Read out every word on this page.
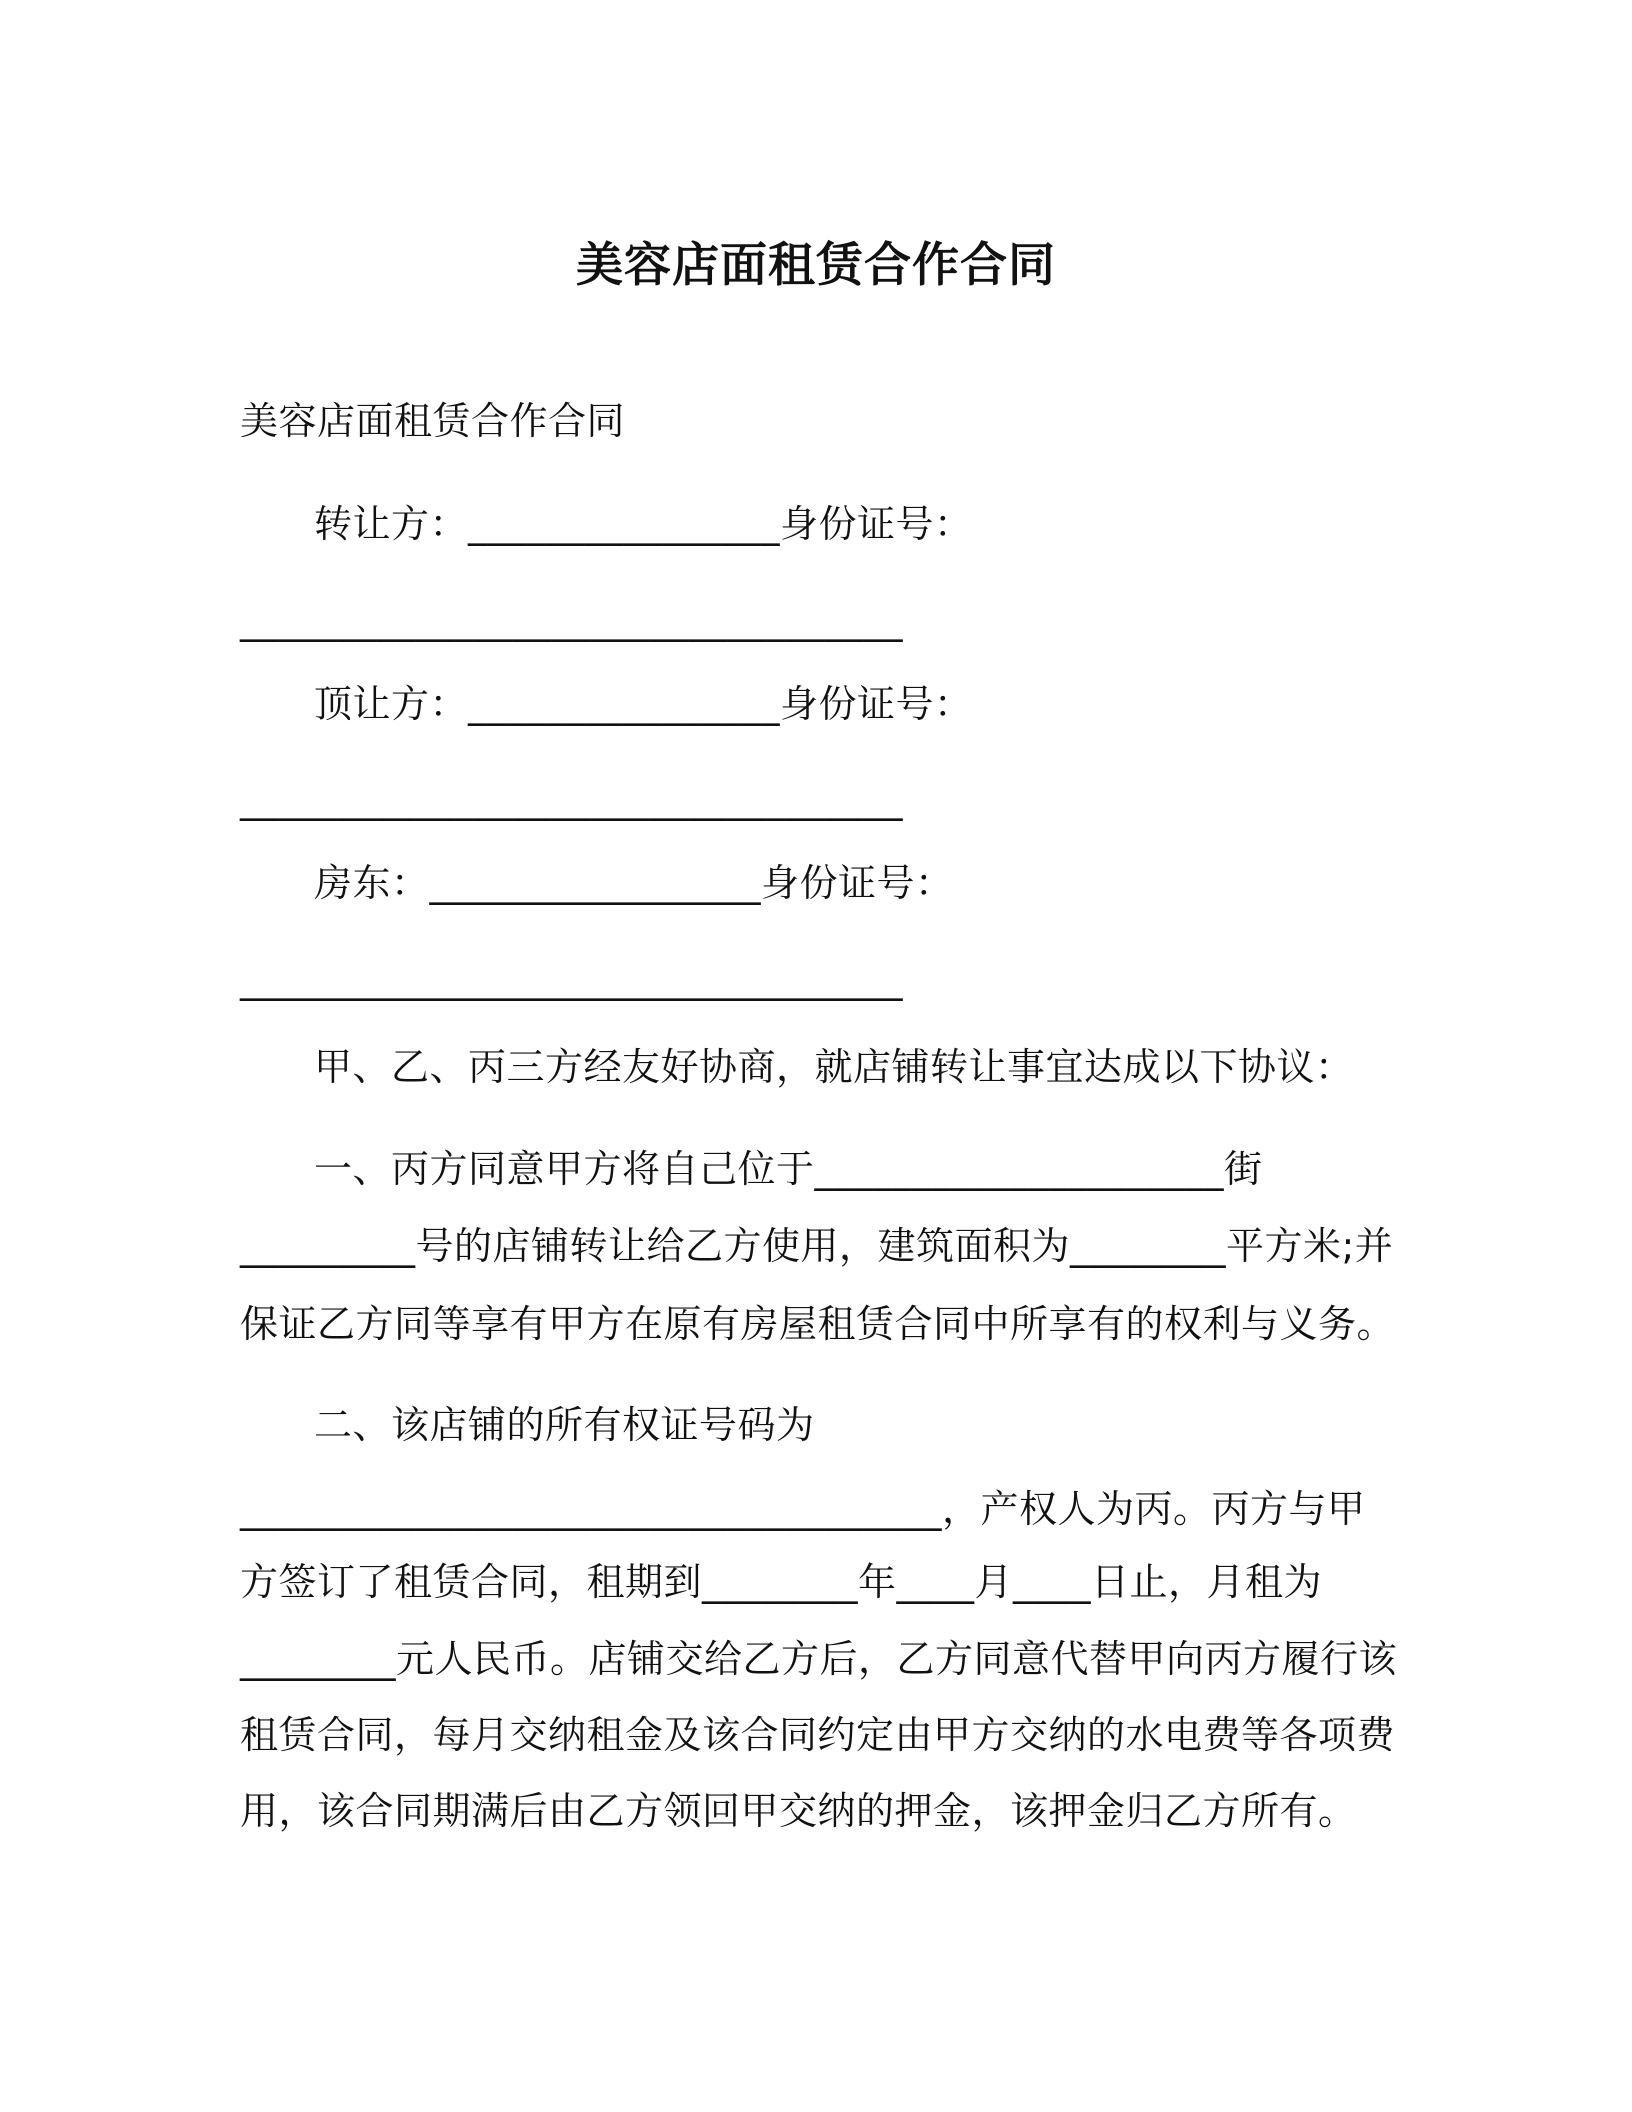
美容店面租赁合作合同
美容店面租赁合作合同
转让方：________________身份证号：
__________________________________
顶让方：________________身份证号：
__________________________________
房东：_________________身份证号：
__________________________________
甲、乙、丙三方经友好协商，就店铺转让事宜达成以下协议：
一、丙方同意甲方将自己位于_____________________街
_________号的店铺转让给乙方使用，建筑面积为________平方米;并
保证乙方同等享有甲方在原有房屋租赁合同中所享有的权利与义务。
二、该店铺的所有权证号码为
____________________________________，产权人为丙。丙方与甲
方签订了租赁合同，租期到________年____月____日止，月租为
________元人民币。店铺交给乙方后，乙方同意代替甲向丙方履行该
租赁合同，每月交纳租金及该合同约定由甲方交纳的水电费等各项费
用，该合同期满后由乙方领回甲交纳的押金，该押金归乙方所有。
